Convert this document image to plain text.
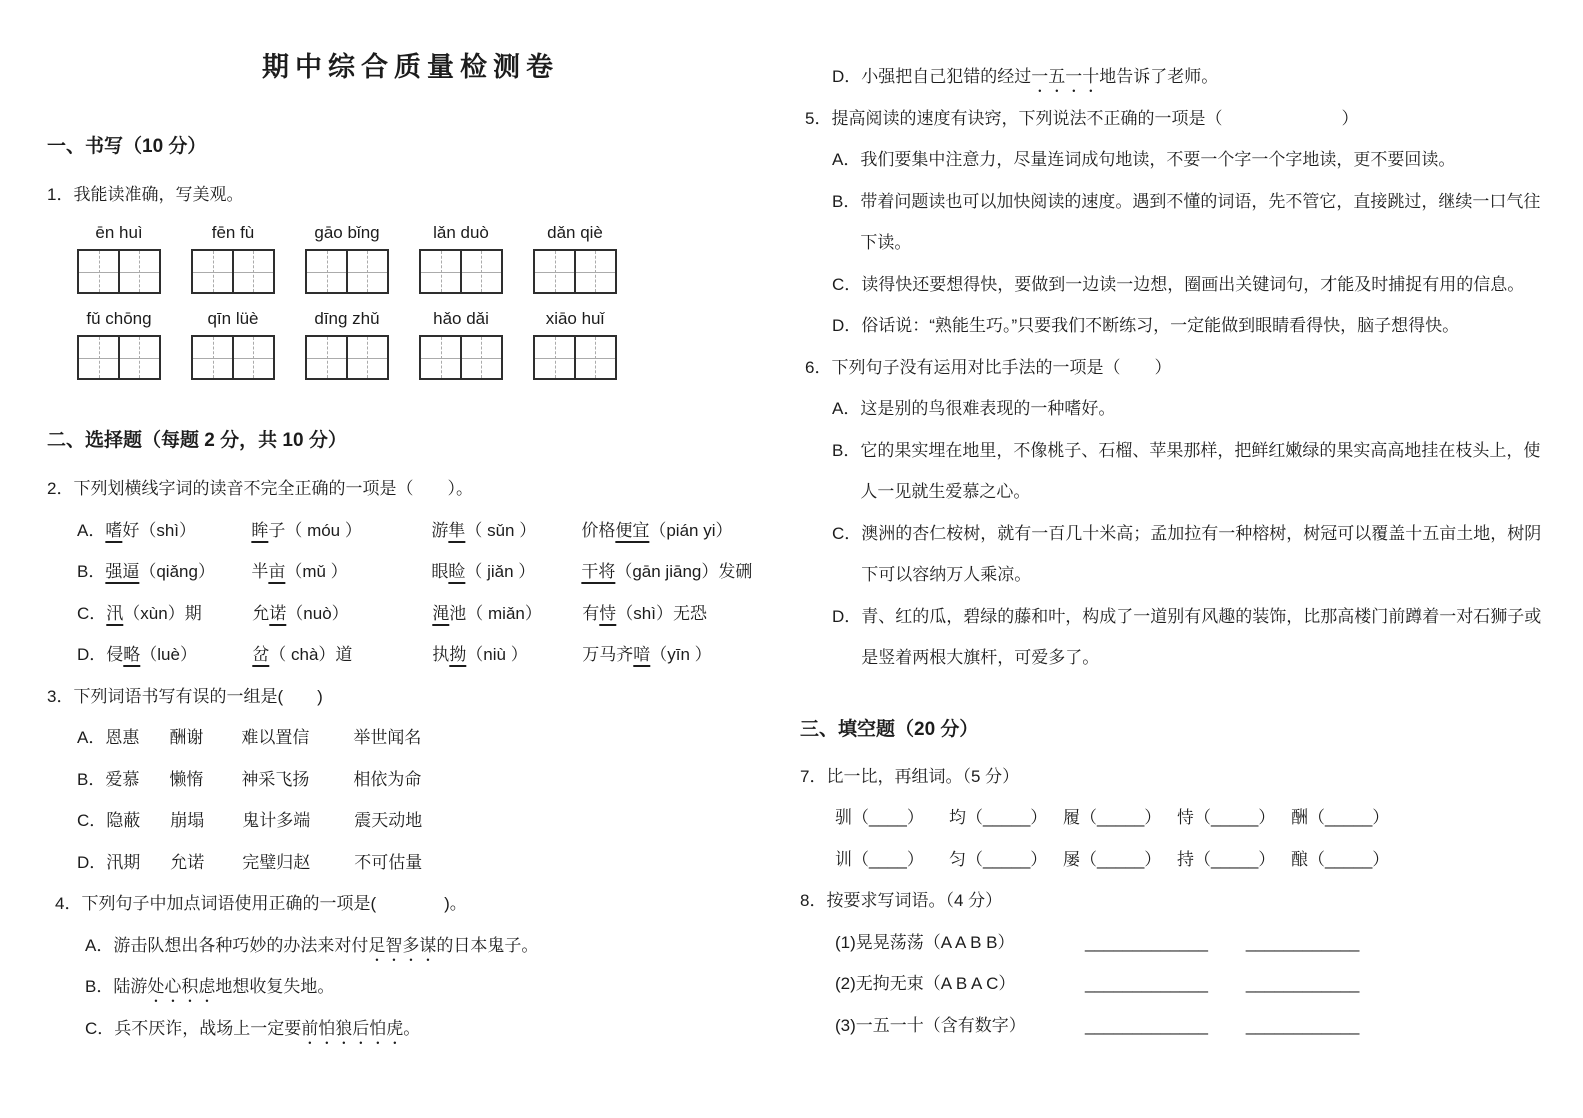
期中综合质量检测卷
一、书写（10 分）
1．我能读准确，写美观。
ēn huì	fēn fù	gāo bǐng	lǎn duò	dǎn qiè
fǔ chōng	qīn lüè	dīng zhǔ	hǎo dǎi	xiāo huǐ
二、选择题（每题 2 分，共 10 分）
2．下列划横线字词的读音不完全正确的一项是（　　）。
A． 嗜好（shì）	眸子（ móu ）	游隼（ sǔn ）	价格便宜（pián yi）
B． 强逼（qiǎng）	半亩（mǔ ）	眼睑（ jiǎn ）	干将（gān jiāng）发硎
C． 汛（xùn）期	允诺（nuò）	渑池（ miǎn）	有恃（shì）无恐
D． 侵略（luè）	岔（ chà）道	执拗（niù ）	万马齐喑（yīn ）
3．下列词语书写有误的一组是(　　)
A． 恩惠	酬谢	难以置信	举世闻名
B． 爱慕	懒惰	神采飞扬	相依为命
C． 隐蔽	崩塌	鬼计多端	震天动地
D． 汛期	允诺	完璧归赵	不可估量
4．下列句子中加点词语使用正确的一项是(　　　　)。
A． 游击队想出各种巧妙的办法来对付足智多谋的日本鬼子。
B． 陆游处心积虑地想收复失地。
C． 兵不厌诈，战场上一定要前怕狼后怕虎。
D． 小强把自己犯错的经过一五一十地告诉了老师。
5．提高阅读的速度有诀窍，下列说法不正确的一项是（　　　　　　　）
A． 我们要集中注意力，尽量连词成句地读，不要一个字一个字地读，更不要回读。
B． 带着问题读也可以加快阅读的速度。遇到不懂的词语，先不管它，直接跳过，继续一口气往下读。
C． 读得快还要想得快，要做到一边读一边想，圈画出关键词句，才能及时捕捉有用的信息。
D． 俗话说：“熟能生巧。”只要我们不断练习，一定能做到眼睛看得快，脑子想得快。
6．下列句子没有运用对比手法的一项是（　　）
A． 这是别的鸟很难表现的一种嗜好。
B． 它的果实埋在地里，不像桃子、石榴、苹果那样，把鲜红嫩绿的果实高高地挂在枝头上，使人一见就生爱慕之心。
C． 澳洲的杏仁桉树，就有一百几十米高；孟加拉有一种榕树，树冠可以覆盖十五亩土地，树阴下可以容纳万人乘凉。
D． 青、红的瓜，碧绿的藤和叶，构成了一道别有风趣的装饰，比那高楼门前蹲着一对石狮子或是竖着两根大旗杆，可爱多了。
三、填空题（20 分）
7．比一比，再组词。（5 分）
驯（____）	均（_____） 履（_____） 恃（_____） 酬（_____）
训（____）	匀（_____） 屡（_____） 持（_____） 酿（_____）
8．按要求写词语。（4 分）
(1)晃晃荡荡（A A B B）	_____________ ____________
(2)无拘无束（A B A C）	_____________ ____________
(3)一五一十（含有数字）	_____________ ____________
